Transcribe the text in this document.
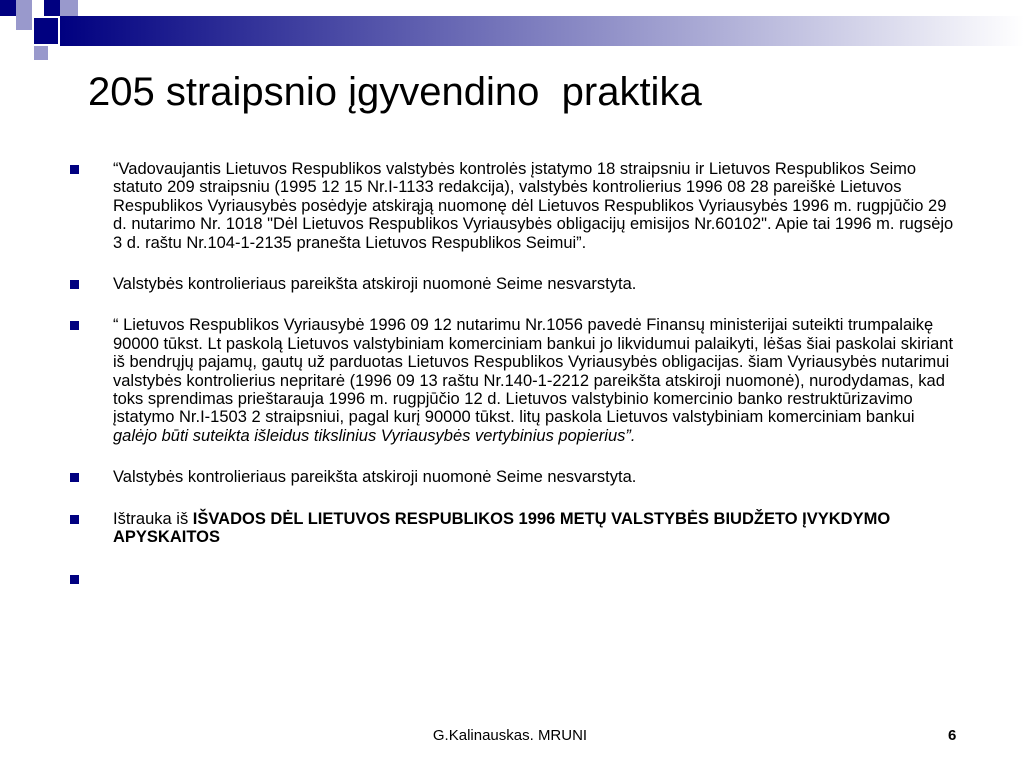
205 straipsnio įgyvendino  praktika
“Vadovaujantis Lietuvos Respublikos valstybės kontrolės įstatymo 18 straipsniu ir Lietuvos Respublikos Seimo statuto 209 straipsniu (1995 12 15 Nr.I-1133 redakcija), valstybės kontrolierius 1996 08 28 pareiškė Lietuvos Respublikos Vyriausybės posėdyje atskirąją nuomonę dėl Lietuvos Respublikos Vyriausybės 1996 m. rugpjūčio 29 d. nutarimo Nr. 1018 "Dėl Lietuvos Respublikos Vyriausybės obligacijų emisijos Nr.60102". Apie tai 1996 m. rugsėjo 3 d. raštu Nr.104-1-2135 pranešta Lietuvos Respublikos Seimui”.
Valstybės kontrolieriaus pareikšta atskiroji nuomonė Seime nesvarstyta.
“ Lietuvos Respublikos Vyriausybė 1996 09 12 nutarimu Nr.1056 pavedė Finansų ministerijai suteikti trumpalaikę 90000 tūkst. Lt paskolą Lietuvos valstybiniam komerciniam bankui jo likvidumui palaikyti, lėšas šiai paskolai skiriant iš bendrųjų pajamų, gautų už parduotas Lietuvos Respublikos Vyriausybės obligacijas. šiam Vyriausybės nutarimui valstybės kontrolierius nepritarė (1996 09 13 raštu Nr.140-1-2212 pareikšta atskiroji nuomonė), nurodydamas, kad toks sprendimas prieštarauja 1996 m. rugpjūčio 12 d. Lietuvos valstybinio komercinio banko restruktūrizavimo įstatymo Nr.I-1503 2 straipsniui, pagal kurį 90000 tūkst. litų paskola Lietuvos valstybiniam komerciniam bankui galėjo būti suteikta išleidus tikslinius Vyriausybės vertybinius popierius”.
Valstybės kontrolieriaus pareikšta atskiroji nuomonė Seime nesvarstyta.
Ištrauka iš IŠVADOS DĖL LIETUVOS RESPUBLIKOS 1996 METŲ VALSTYBĖS BIUDŽETO ĮVYKDYMO APYSKAITOS
G.Kalinauskas. MRUNI	6
